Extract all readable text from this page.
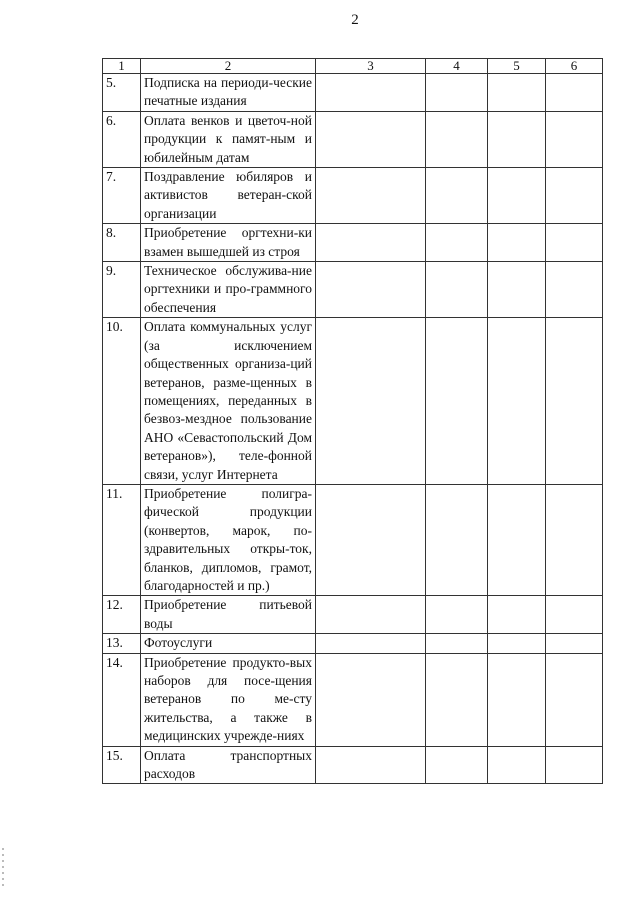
2
1	2	3	4	5	6
5.	Подписка на периоди-ческие печатные издания				
6.	Оплата венков и цветоч-ной продукции к памят-ным и юбилейным датам				
7.	Поздравление юбиляров и активистов ветеран-ской организации				
8.	Приобретение оргтехни-ки взамен вышедшей из строя				
9.	Техническое обслужива-ние оргтехники и про-граммного обеспечения				
10.	Оплата коммунальных услуг (за исключением общественных организа-ций ветеранов, разме-щенных в помещениях, переданных в безвоз-мездное пользование АНО «Севастопольский Дом ветеранов»), теле-фонной связи, услуг Интернета				
11.	Приобретение полигра-фической продукции (конвертов, марок, по-здравительных откры-ток, бланков, дипломов, грамот, благодарностей и пр.)				
12.	Приобретение питьевой воды				
13.	Фотоуслуги				
14.	Приобретение продукто-вых наборов для посе-щения ветеранов по ме-сту жительства, а также в медицинских учрежде-ниях				
15.	Оплата транспортных расходов				
